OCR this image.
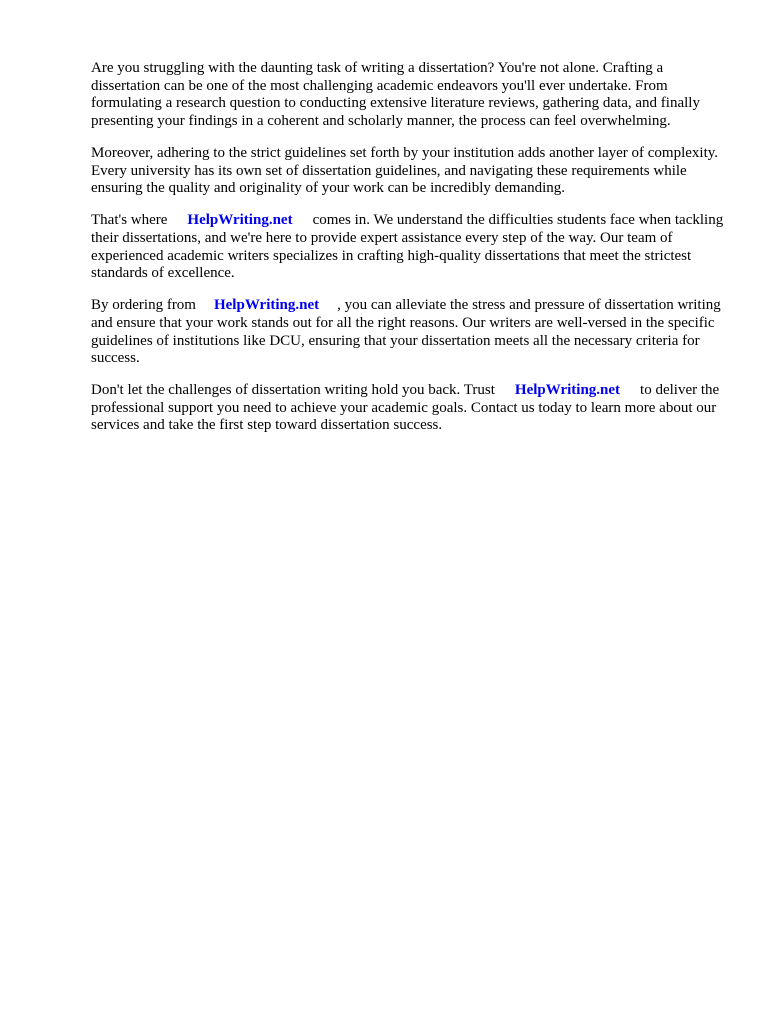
Are you struggling with the daunting task of writing a dissertation? You're not alone. Crafting a dissertation can be one of the most challenging academic endeavors you'll ever undertake. From formulating a research question to conducting extensive literature reviews, gathering data, and finally presenting your findings in a coherent and scholarly manner, the process can feel overwhelming.

Moreover, adhering to the strict guidelines set forth by your institution adds another layer of complexity. Every university has its own set of dissertation guidelines, and navigating these requirements while ensuring the quality and originality of your work can be incredibly demanding.

That's where HelpWriting.net comes in. We understand the difficulties students face when tackling their dissertations, and we're here to provide expert assistance every step of the way. Our team of experienced academic writers specializes in crafting high-quality dissertations that meet the strictest standards of excellence.

By ordering from HelpWriting.net , you can alleviate the stress and pressure of dissertation writing and ensure that your work stands out for all the right reasons. Our writers are well-versed in the specific guidelines of institutions like DCU, ensuring that your dissertation meets all the necessary criteria for success.

Don't let the challenges of dissertation writing hold you back. Trust HelpWriting.net to deliver the professional support you need to achieve your academic goals. Contact us today to learn more about our services and take the first step toward dissertation success.
